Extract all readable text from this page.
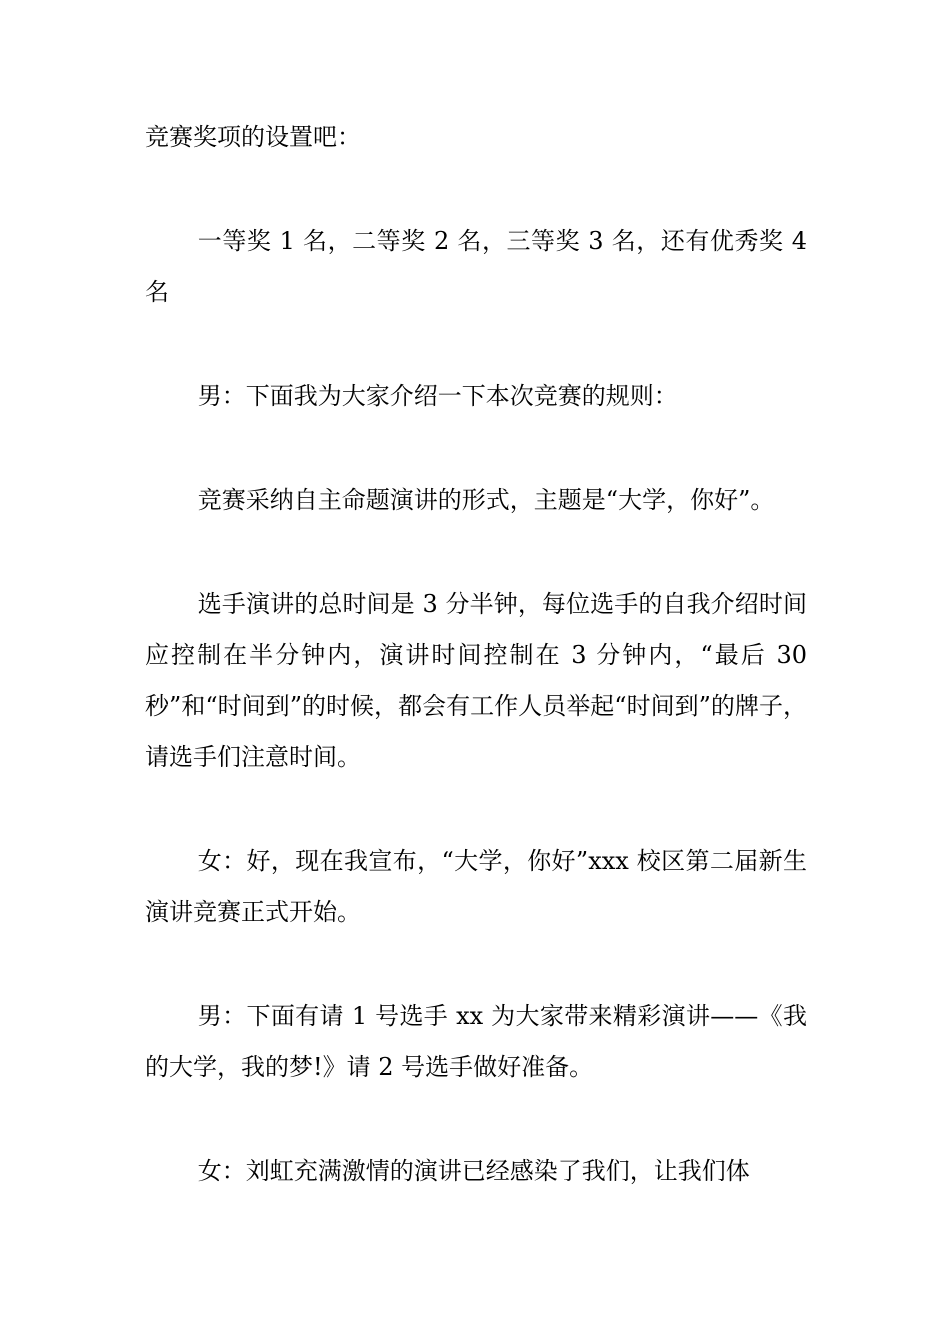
竞赛奖项的设置吧：

一等奖 1 名，二等奖 2 名，三等奖 3 名，还有优秀奖 4 名

男：下面我为大家介绍一下本次竞赛的规则：

竞赛采纳自主命题演讲的形式，主题是“大学，你好”。

选手演讲的总时间是 3 分半钟，每位选手的自我介绍时间应控制在半分钟内，演讲时间控制在 3 分钟内，“最后 30 秒”和“时间到”的时候，都会有工作人员举起“时间到”的牌子，请选手们注意时间。

女：好，现在我宣布，“大学，你好”xxx 校区第二届新生演讲竞赛正式开始。

男：下面有请 1 号选手 xx 为大家带来精彩演讲——《我的大学，我的梦!》请 2 号选手做好准备。

女：刘虹充满激情的演讲已经感染了我们，让我们体
